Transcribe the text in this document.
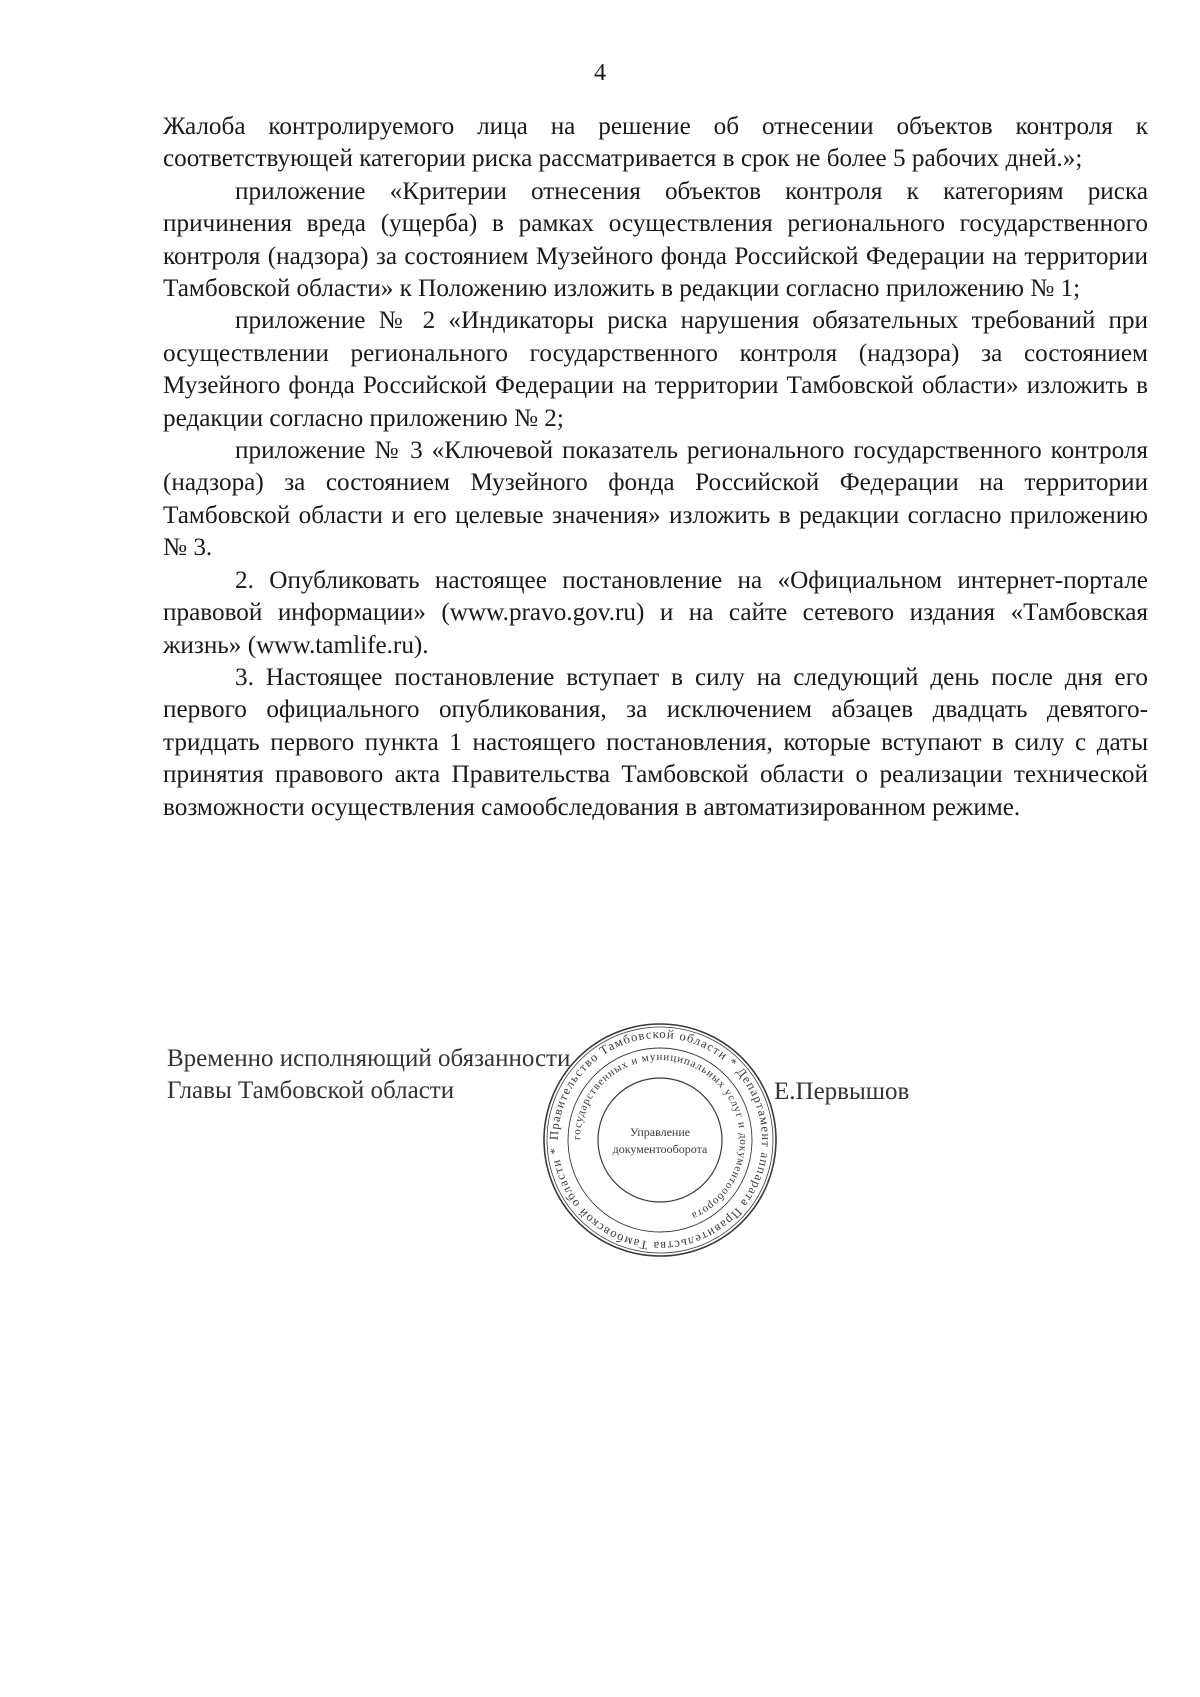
4

Жалоба контролируемого лица на решение об отнесении объектов контроля к соответствующей категории риска рассматривается в срок не более 5 рабочих дней.»;

приложение «Критерии отнесения объектов контроля к категориям риска причинения вреда (ущерба) в рамках осуществления регионального государственного контроля (надзора) за состоянием Музейного фонда Российской Федерации на территории Тамбовской области» к Положению изложить в редакции согласно приложению № 1;

приложение № 2 «Индикаторы риска нарушения обязательных требований при осуществлении регионального государственного контроля (надзора) за состоянием Музейного фонда Российской Федерации на территории Тамбовской области» изложить в редакции согласно приложению № 2;

приложение № 3 «Ключевой показатель регионального государственного контроля (надзора) за состоянием Музейного фонда Российской Федерации на территории Тамбовской области и его целевые значения» изложить в редакции согласно приложению № 3.

2. Опубликовать настоящее постановление на «Официальном интернет-портале правовой информации» (www.pravo.gov.ru) и на сайте сетевого издания «Тамбовская жизнь» (www.tamlife.ru).

3. Настоящее постановление вступает в силу на следующий день после дня его первого официального опубликования, за исключением абзацев двадцать девятого-тридцать первого пункта 1 настоящего постановления, которые вступают в силу с даты принятия правового акта Правительства Тамбовской области о реализации технической возможности осуществления самообследования в автоматизированном режиме.

Временно исполняющий обязанности
Главы Тамбовской области
Правительство Тамбовской области * Департамент аппарата Правительства Тамбовской области *
государственных и муниципальных услуг и документооборота
Управление
документооборота
Е.Первышов
